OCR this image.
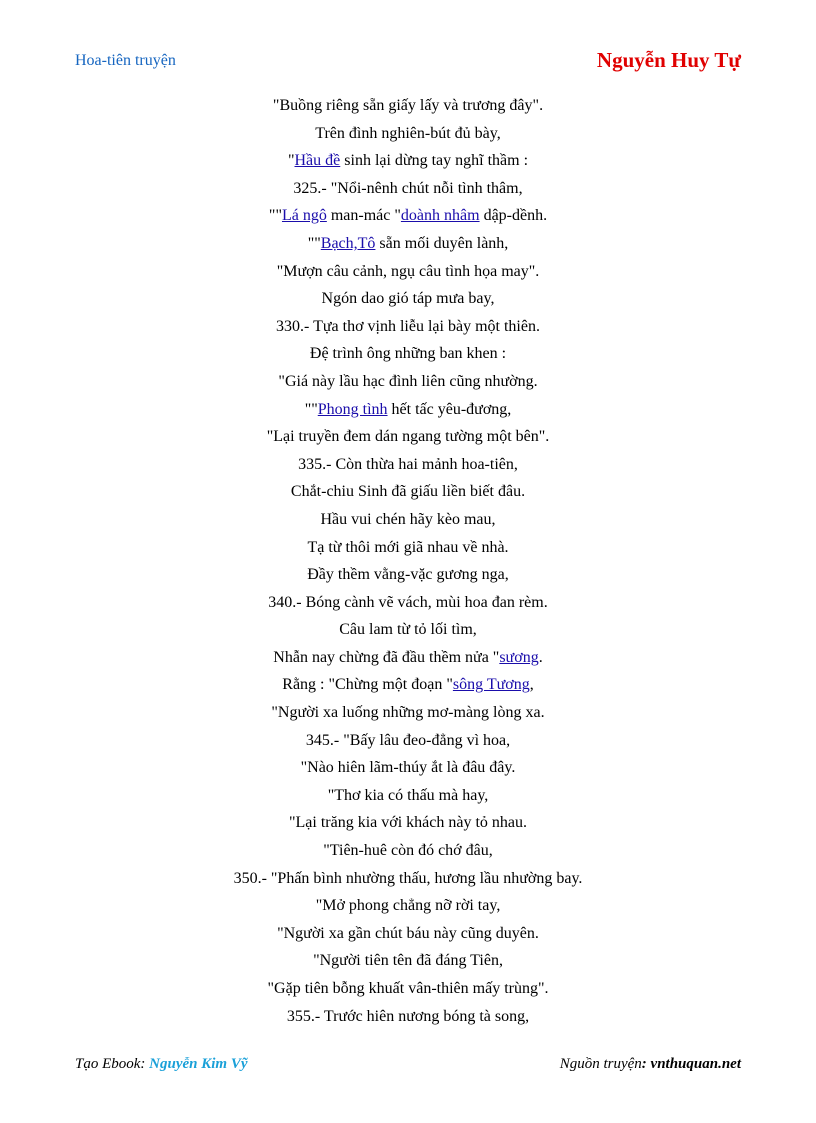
Hoa-tiên truyện	Nguyễn Huy Tự
"Buồng riêng sẵn giấy lấy và trương đây".
Trên đình nghiên-bút đủ bày,
"Hầu đề sinh lại dừng tay nghĩ thầm :
325.- "Nổi-nênh chút nỗi tình thâm,
""Lá ngô man-mác "doành nhâm dập-dềnh.
""Bạch,Tô sẵn mối duyên lành,
"Mượn câu cảnh, ngụ câu tình họa may".
Ngón dao gió táp mưa bay,
330.- Tựa thơ vịnh liễu lại bày một thiên.
Đệ trình ông những ban khen :
"Giá này lầu hạc đình liên cũng nhường.
""Phong tình hết tấc yêu-đương,
"Lại truyền đem dán ngang tường một bên".
335.- Còn thừa hai mảnh hoa-tiên,
Chắt-chiu Sinh đã giấu liền biết đâu.
Hầu vui chén hãy kèo mau,
Tạ từ thôi mới giã nhau về nhà.
Đầy thềm vằng-vặc gương nga,
340.- Bóng cành vẽ vách, mùi hoa đan rèm.
Câu lam từ tỏ lối tìm,
Nhẫn nay chừng đã đầu thềm nửa "sương.
Rằng : "Chừng một đoạn "sông Tương,
"Người xa luống những mơ-màng lòng xa.
345.- "Bấy lâu đeo-đẳng vì hoa,
"Nào hiên lãm-thúy ắt là đâu đây.
"Thơ kia có thấu mà hay,
"Lại trăng kia với khách này tỏ nhau.
"Tiên-huê còn đó chớ đâu,
350.- "Phấn bình nhường thấu, hương lầu nhường bay.
"Mở phong chẳng nỡ rời tay,
"Người xa gần chút báu này cũng duyên.
"Người tiên tên đã đáng Tiên,
"Gặp tiên bỗng khuất vân-thiên mấy trùng".
355.- Trước hiên nương bóng tà song,
Tạo Ebook: Nguyễn Kim Vỹ	Nguồn truyện: vnthuquan.net
